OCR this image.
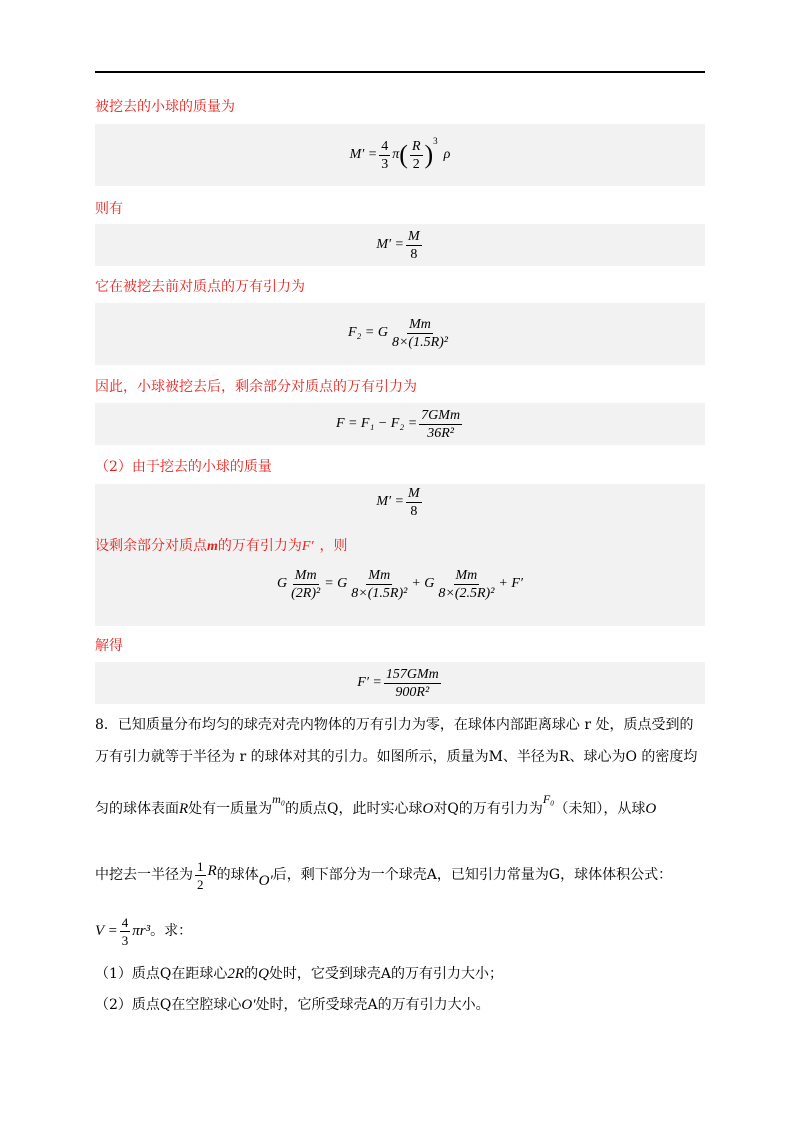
被挖去的小球的质量为
$M' = \frac{4}{3}$ π ( $\frac{R}{2} )^3$
ρ
则有
$M' = \frac{M}{8}$
它在被挖去前对质点的万有引力为
F₂ = G $\frac{Mm}{\text{8×(1.5R)²}}$
因此，小球被挖去后，剩余部分对质点的万有引力为
$F = F_1 - F_2 = \frac{\text{7GMm}}{\text{36R²}}$
（2）由于挖去的小球的质量
$M' = \frac{M}{8}$
设剩余部分对质点m的万有引力为F′ ，则
G $\frac{Mm}{\text{(2R)²}} = G \frac{Mm}{\text{8×(1.5R)²}} + G \frac{Mm}{\text{8×(2.5R)²}} + F'$
解得
$F' = \frac{\text{157GMm}}{\text{900R²}}$
8．已知质量分布均匀的球壳对壳内物体的万有引力为零，在球体内部距离球心 r 处，质点受到的
万有引力就等于半径为 r 的球体对其的引力。如图所示，质量为M、半径为R、球心为O 的密度均
匀的球体表面R处有一质量为m₀的质点Q，此时实心球O对Q的万有引力为F₀（未知），从球O
中挖去一半径为 $\frac{1}{2}$ R 的球体 O′ 后，剩下部分为一个球壳A，已知引力常量为G，球体体积公式：
$V = \frac{4}{3} \pi r^3$ 。求：
（1）质点Q在距球心2R的Q处时，它受到球壳A的万有引力大小；
（2）质点Q在空腔球心O′处时，它所受球壳A的万有引力大小。
